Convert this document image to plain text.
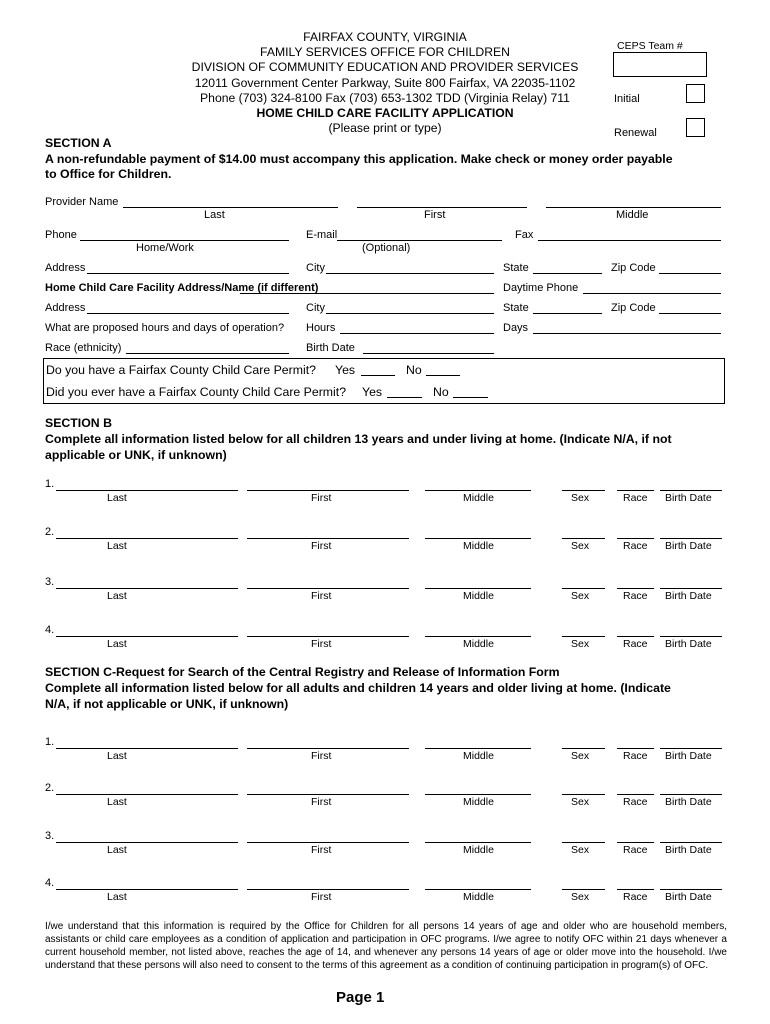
FAIRFAX COUNTY, VIRGINIA
FAMILY SERVICES OFFICE FOR CHILDREN
DIVISION OF COMMUNITY EDUCATION AND PROVIDER SERVICES
12011 Government Center Parkway, Suite 800 Fairfax, VA 22035-1102
Phone (703) 324-8100 Fax (703) 653-1302 TDD (Virginia Relay) 711
HOME CHILD CARE FACILITY APPLICATION
(Please print or type)
CEPS Team #
Initial
Renewal
SECTION A
A non-refundable payment of $14.00 must accompany this application. Make check or money order payable
to Office for Children.
Provider Name
Last	First	Middle
Phone
Home/Work
E-mail
(Optional)
Fax
Address	City	State	Zip Code
Home Child Care Facility Address/Name (if different)	Daytime Phone
Address	City	State	Zip Code
What are proposed hours and days of operation? Hours	Days
Race (ethnicity)	Birth Date
Do you have a Fairfax County Child Care Permit? Yes	No
Did you ever have a Fairfax County Child Care Permit? Yes	No
SECTION B
Complete all information listed below for all children 13 years and under living at home. (Indicate N/A, if not
applicable or UNK, if unknown)
1.
Last	First	Middle	Sex	Race Birth Date
2.
Last	First	Middle	Sex	Race Birth Date
3.
Last	First	Middle	Sex	Race Birth Date
4.
Last	First	Middle	Sex	Race Birth Date
SECTION C-Request for Search of the Central Registry and Release of Information Form
Complete all information listed below for all adults and children 14 years and older living at home. (Indicate
N/A, if not applicable or UNK, if unknown)
1.
Last	First	Middle	Sex	Race Birth Date
2.
Last	First	Middle	Sex	Race Birth Date
3.
Last	First	Middle	Sex	Race Birth Date
4.
Last	First	Middle	Sex	Race Birth Date
I/we understand that this information is required by the Office for Children for all persons 14 years of age and older who are household members, assistants or child care employees as a condition of application and participation in OFC programs. I/we agree to notify OFC within 21 days whenever a current household member, not listed above, reaches the age of 14, and whenever any persons 14 years of age or older move into the household. I/we understand that these persons will also need to consent to the terms of this agreement as a condition of continuing participation in program(s) of OFC.
Page 1
